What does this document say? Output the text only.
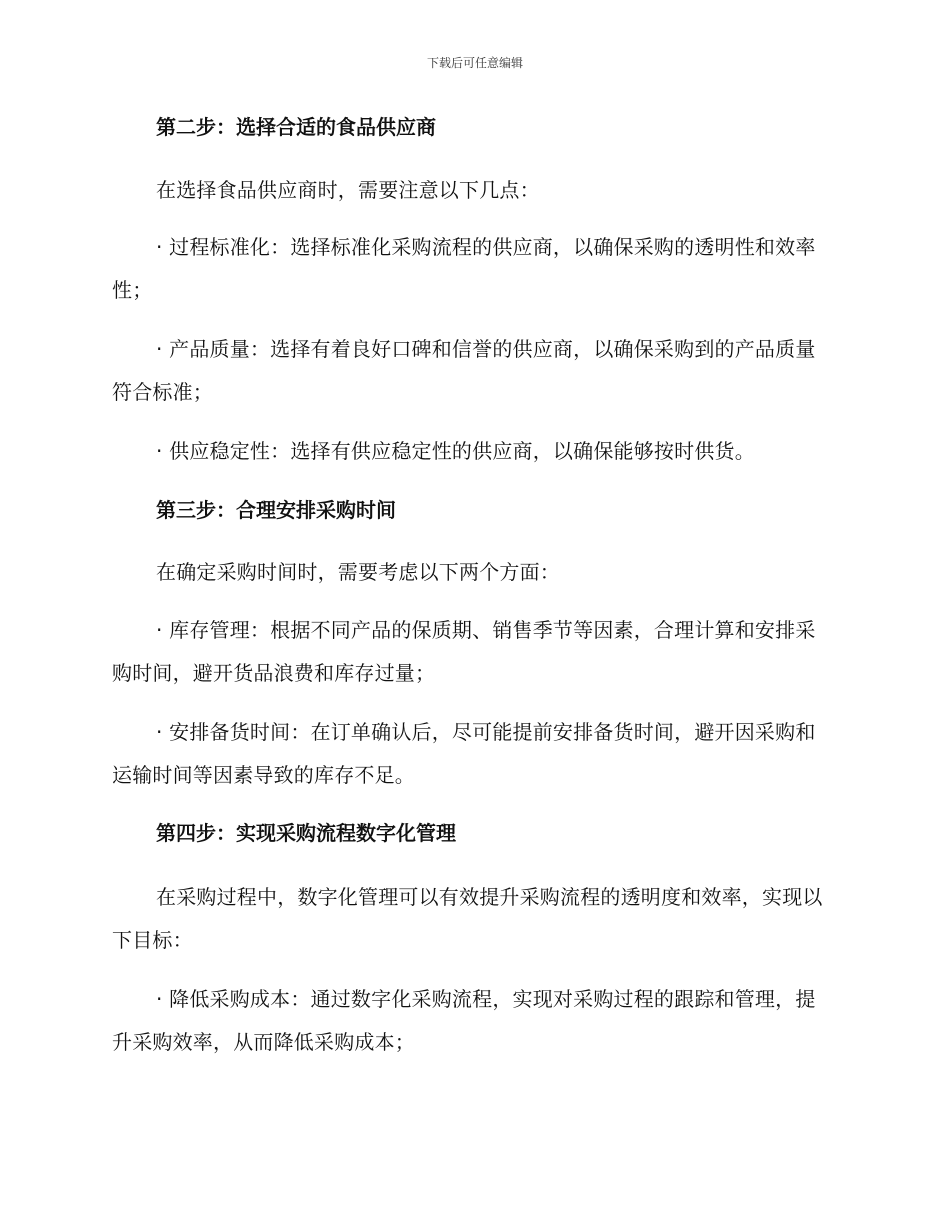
下载后可任意编辑
第二步：选择合适的食品供应商

在选择食品供应商时，需要注意以下几点：

· 过程标准化：选择标准化采购流程的供应商，以确保采购的透明性和效率性；

· 产品质量：选择有着良好口碑和信誉的供应商，以确保采购到的产品质量符合标准；

· 供应稳定性：选择有供应稳定性的供应商，以确保能够按时供货。

第三步：合理安排采购时间

在确定采购时间时，需要考虑以下两个方面：

· 库存管理：根据不同产品的保质期、销售季节等因素，合理计算和安排采购时间，避开货品浪费和库存过量；

· 安排备货时间：在订单确认后，尽可能提前安排备货时间，避开因采购和运输时间等因素导致的库存不足。

第四步：实现采购流程数字化管理

在采购过程中，数字化管理可以有效提升采购流程的透明度和效率，实现以下目标：

· 降低采购成本：通过数字化采购流程，实现对采购过程的跟踪和管理，提升采购效率，从而降低采购成本；
